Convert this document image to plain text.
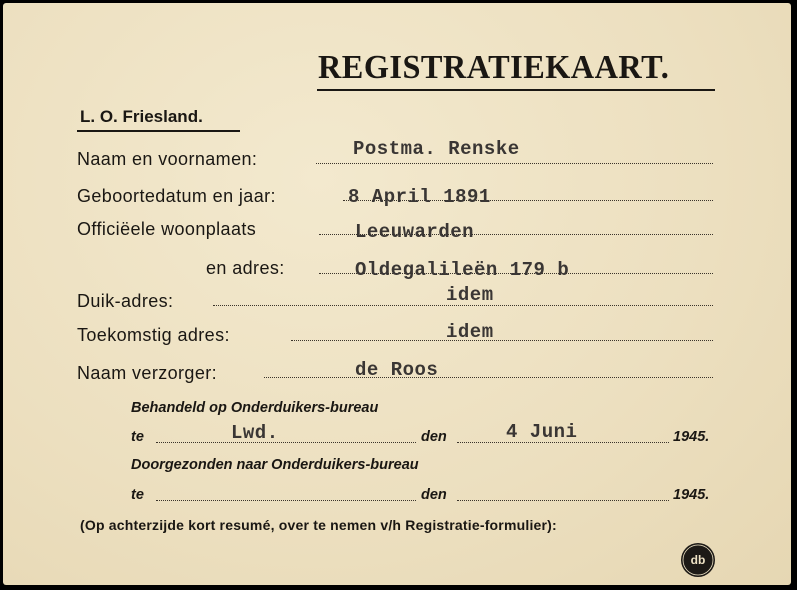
REGISTRATIEKAART.
L. O. Friesland.
Naam en voornamen:	Postma. Renske
Geboortedatum en jaar:	8 April 1891
Officiëele woonplaats	Leeuwarden
en adres:	Oldegalileën 179 b
Duik-adres:	idem
Toekomstig adres:	idem
Naam verzorger:	de Roos
Behandeld op Onderduikers-bureau
te	Lwd.	den	4 Juni	1945.
Doorgezonden naar Onderduikers-bureau
te	den	1945.
(Op achterzijde kort resumé, over te nemen v/h Registratie-formulier):
db
